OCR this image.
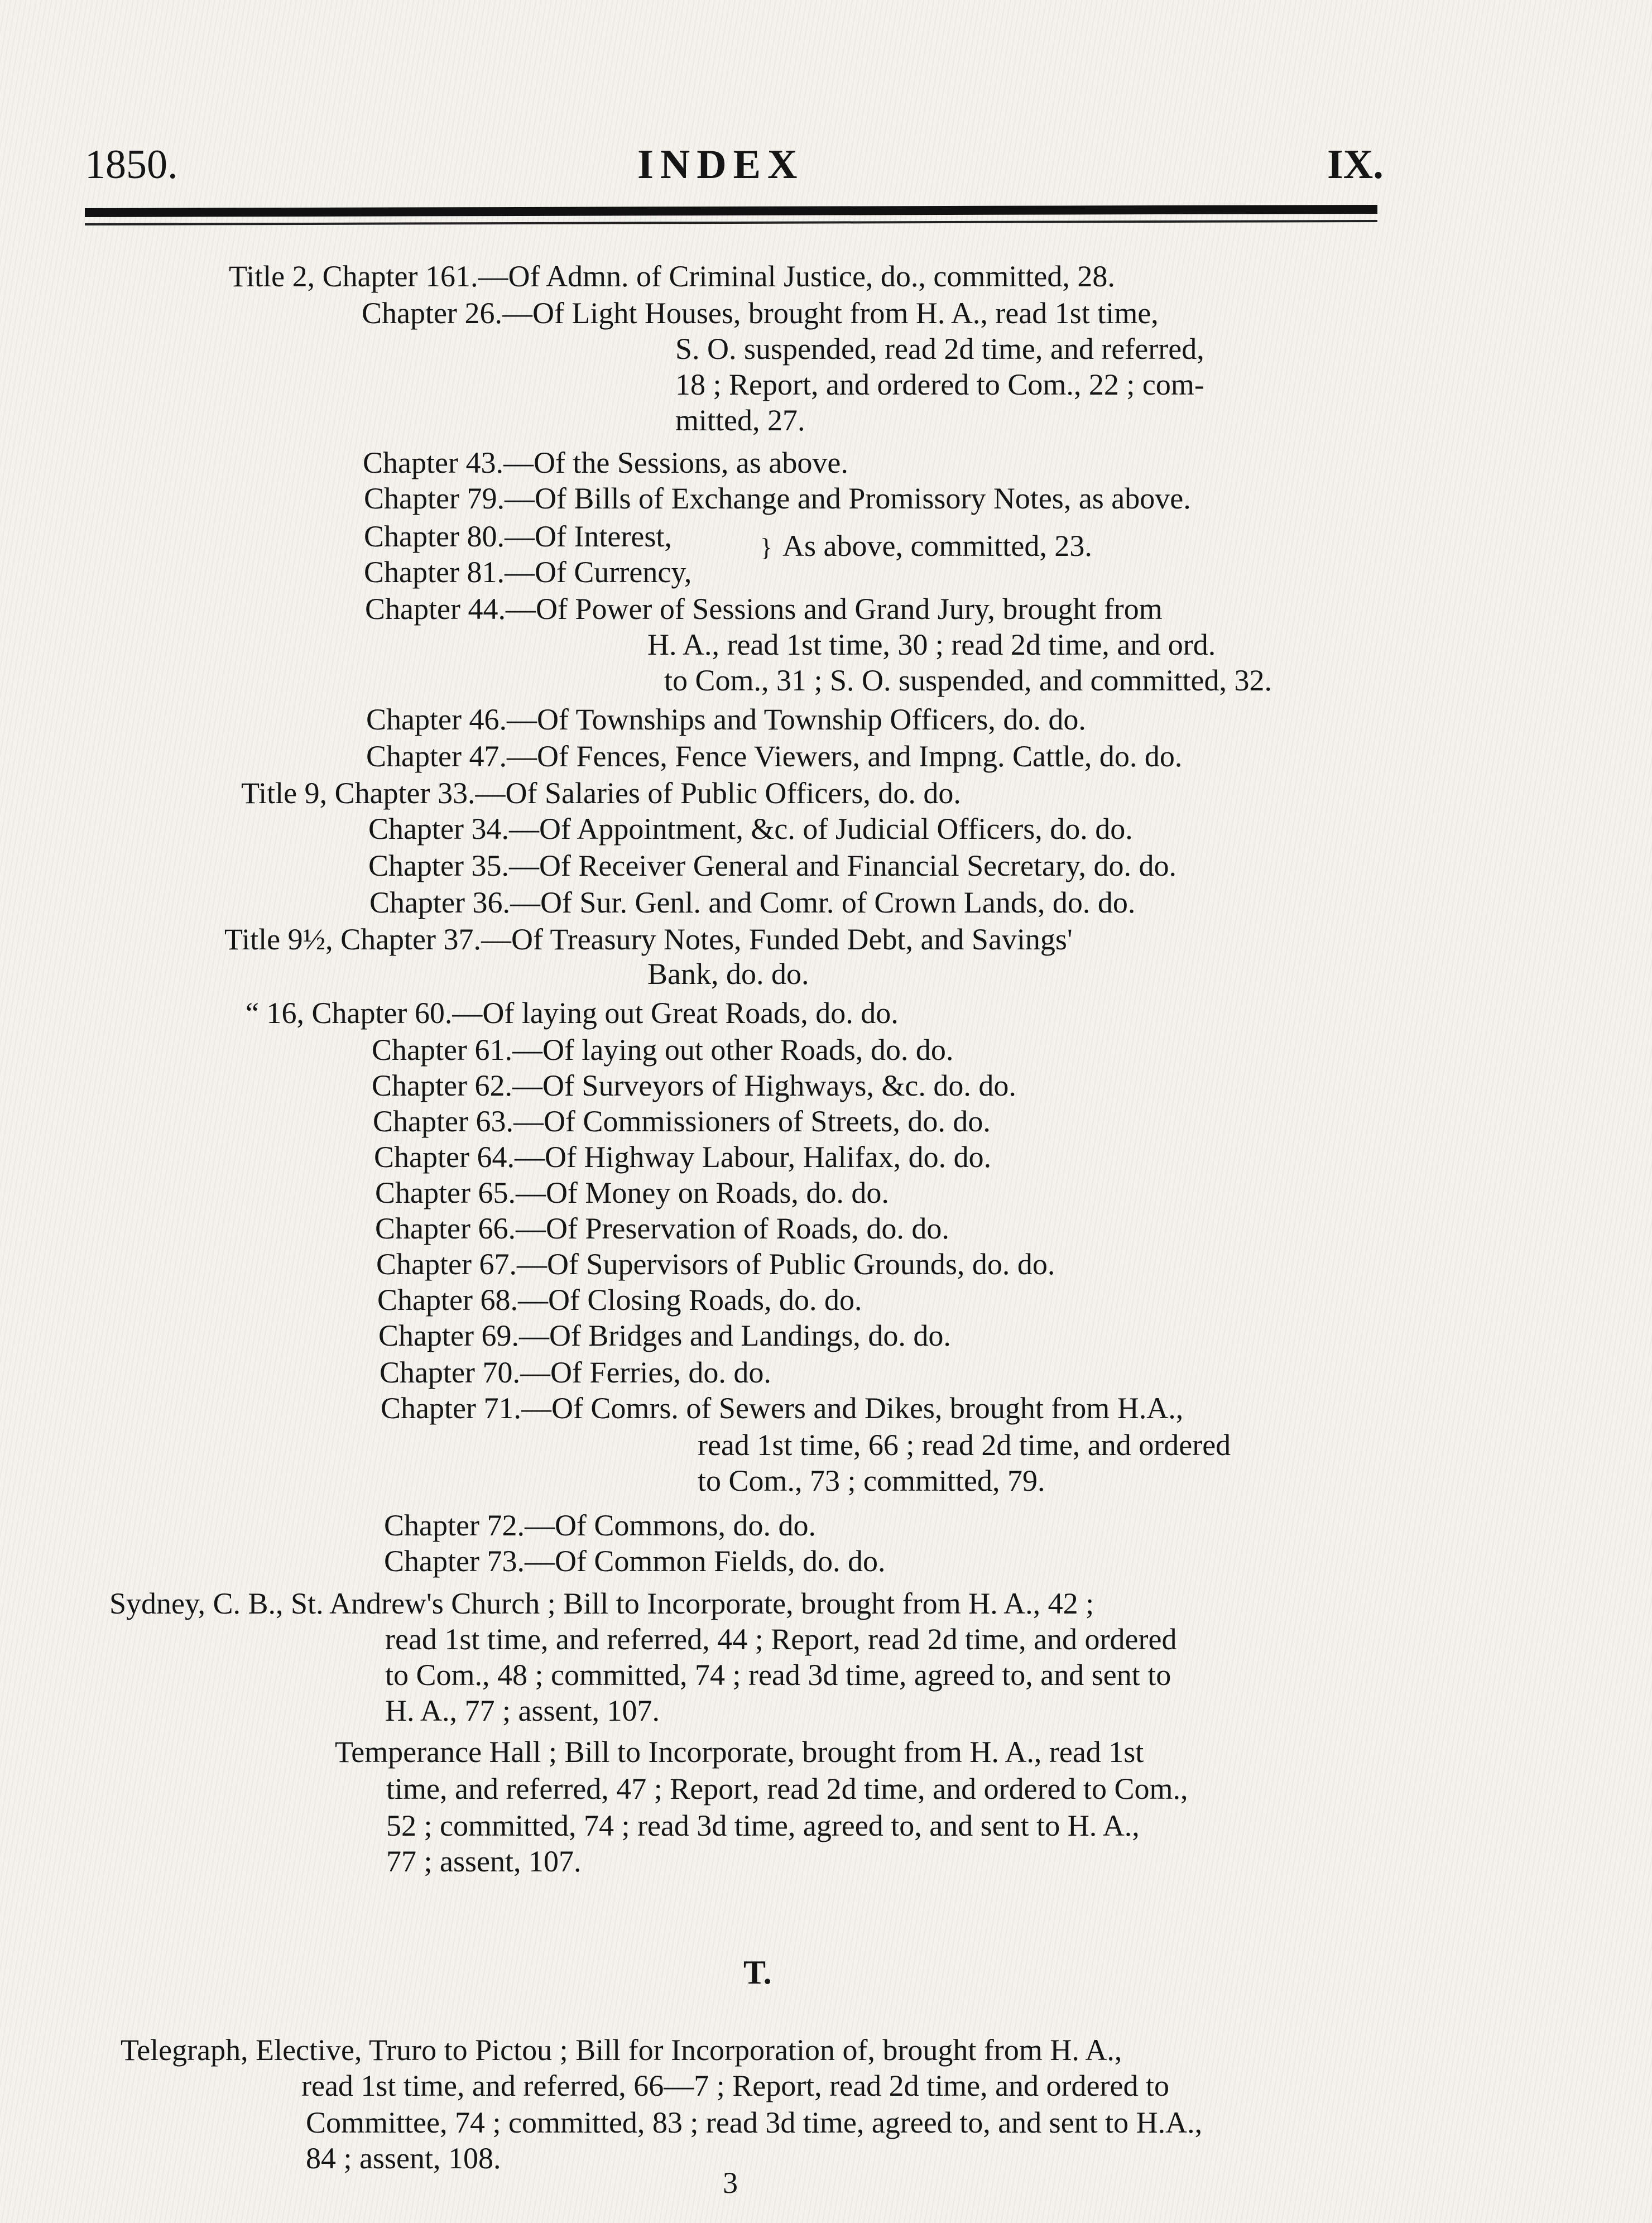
1850.	INDEX	IX.
Title 2, Chapter 161.—Of Admn. of Criminal Justice, do., committed, 28.
Chapter 26.—Of Light Houses, brought from H. A., read 1st time,
S. O. suspended, read 2d time, and referred,
18 ; Report, and ordered to Com., 22 ; com-
mitted, 27.
Chapter 43.—Of the Sessions, as above.
Chapter 79.—Of Bills of Exchange and Promissory Notes, as above.
Chapter 80.—Of Interest,	} As above, committed, 23.
Chapter 81.—Of Currency,
Chapter 44.—Of Power of Sessions and Grand Jury, brought from
H. A., read 1st time, 30 ; read 2d time, and ord.
to Com., 31 ; S. O. suspended, and committed, 32.
Chapter 46.—Of Townships and Township Officers, do. do.
Chapter 47.—Of Fences, Fence Viewers, and Impng. Cattle, do. do.
Title 9, Chapter 33.—Of Salaries of Public Officers, do. do.
Chapter 34.—Of Appointment, &c. of Judicial Officers, do. do.
Chapter 35.—Of Receiver General and Financial Secretary, do. do.
Chapter 36.—Of Sur. Genl. and Comr. of Crown Lands, do. do.
Title 9½, Chapter 37.—Of Treasury Notes, Funded Debt, and Savings'
Bank, do. do.
“ 16, Chapter 60.—Of laying out Great Roads, do. do.
Chapter 61.—Of laying out other Roads, do. do.
Chapter 62.—Of Surveyors of Highways, &c. do. do.
Chapter 63.—Of Commissioners of Streets, do. do.
Chapter 64.—Of Highway Labour, Halifax, do. do.
Chapter 65.—Of Money on Roads, do. do.
Chapter 66.—Of Preservation of Roads, do. do.
Chapter 67.—Of Supervisors of Public Grounds, do. do.
Chapter 68.—Of Closing Roads, do. do.
Chapter 69.—Of Bridges and Landings, do. do.
Chapter 70.—Of Ferries, do. do.
Chapter 71.—Of Comrs. of Sewers and Dikes, brought from H.A.,
read 1st time, 66 ; read 2d time, and ordered
to Com., 73 ; committed, 79.
Chapter 72.—Of Commons, do. do.
Chapter 73.—Of Common Fields, do. do.
Sydney, C. B., St. Andrew's Church ; Bill to Incorporate, brought from H. A., 42 ;
read 1st time, and referred, 44 ; Report, read 2d time, and ordered
to Com., 48 ; committed, 74 ; read 3d time, agreed to, and sent to
H. A., 77 ; assent, 107.
Temperance Hall ; Bill to Incorporate, brought from H. A., read 1st
time, and referred, 47 ; Report, read 2d time, and ordered to Com.,
52 ; committed, 74 ; read 3d time, agreed to, and sent to H. A.,
77 ; assent, 107.
T.
Telegraph, Elective, Truro to Pictou ; Bill for Incorporation of, brought from H. A.,
read 1st time, and referred, 66—7 ; Report, read 2d time, and ordered to
Committee, 74 ; committed, 83 ; read 3d time, agreed to, and sent to H.A.,
84 ; assent, 108.
3
